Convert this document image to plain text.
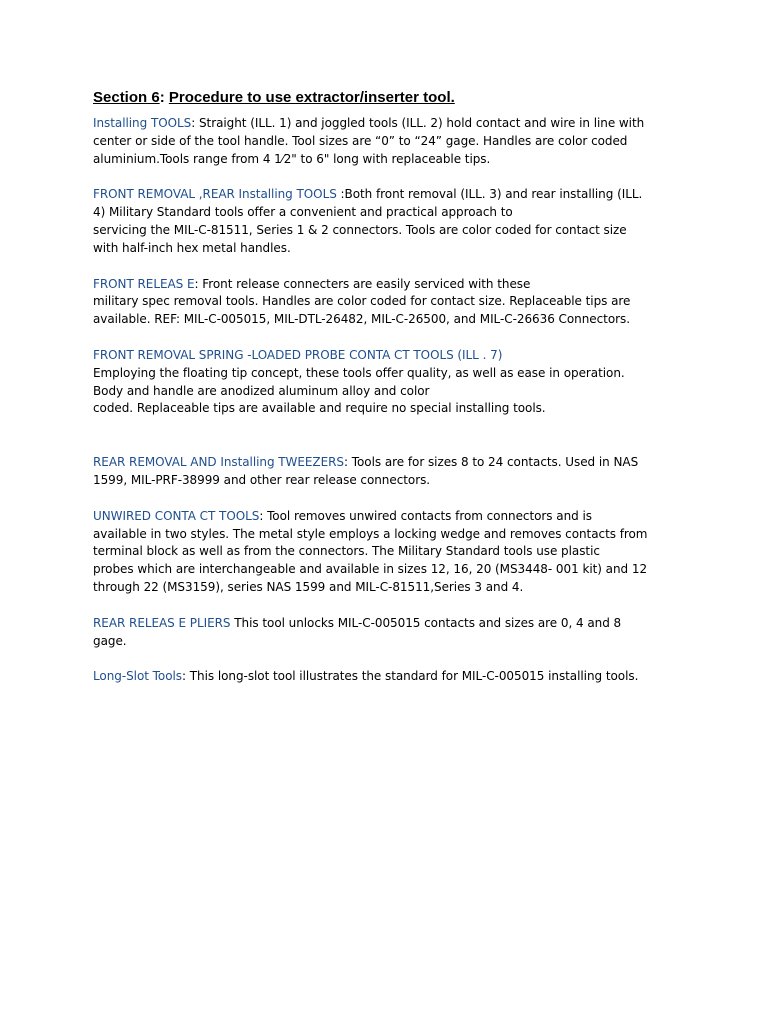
Section 6: Procedure to use extractor/inserter tool.

Installing TOOLS: Straight (ILL. 1) and joggled tools (ILL. 2) hold contact and wire in line with
center or side of the tool handle. Tool sizes are “0” to “24” gage. Handles are color coded
aluminium.Tools range from 4 1⁄2" to 6" long with replaceable tips.

FRONT REMOVAL ,REAR Installing TOOLS :Both front removal (ILL. 3) and rear installing (ILL.
4) Military Standard tools offer a convenient and practical approach to
servicing the MIL-C-81511, Series 1 & 2 connectors. Tools are color coded for contact size
with half-inch hex metal handles.

FRONT RELEAS E: Front release connecters are easily serviced with these
military spec removal tools. Handles are color coded for contact size. Replaceable tips are
available. REF: MIL-C-005015, MIL-DTL-26482, MIL-C-26500, and MIL-C-26636 Connectors.

FRONT REMOVAL SPRING -LOADED PROBE CONTA CT TOOLS (ILL . 7)
Employing the floating tip concept, these tools offer quality, as well as ease in operation.
Body and handle are anodized aluminum alloy and color
coded. Replaceable tips are available and require no special installing tools.

REAR REMOVAL AND Installing TWEEZERS: Tools are for sizes 8 to 24 contacts. Used in NAS
1599, MIL-PRF-38999 and other rear release connectors.

UNWIRED CONTA CT TOOLS: Tool removes unwired contacts from connectors and is
available in two styles. The metal style employs a locking wedge and removes contacts from
terminal block as well as from the connectors. The Military Standard tools use plastic
probes which are interchangeable and available in sizes 12, 16, 20 (MS3448- 001 kit) and 12
through 22 (MS3159), series NAS 1599 and MIL-C-81511,Series 3 and 4.

REAR RELEAS E PLIERS This tool unlocks MIL-C-005015 contacts and sizes are 0, 4 and 8
gage.

Long-Slot Tools: This long-slot tool illustrates the standard for MIL-C-005015 installing tools.
